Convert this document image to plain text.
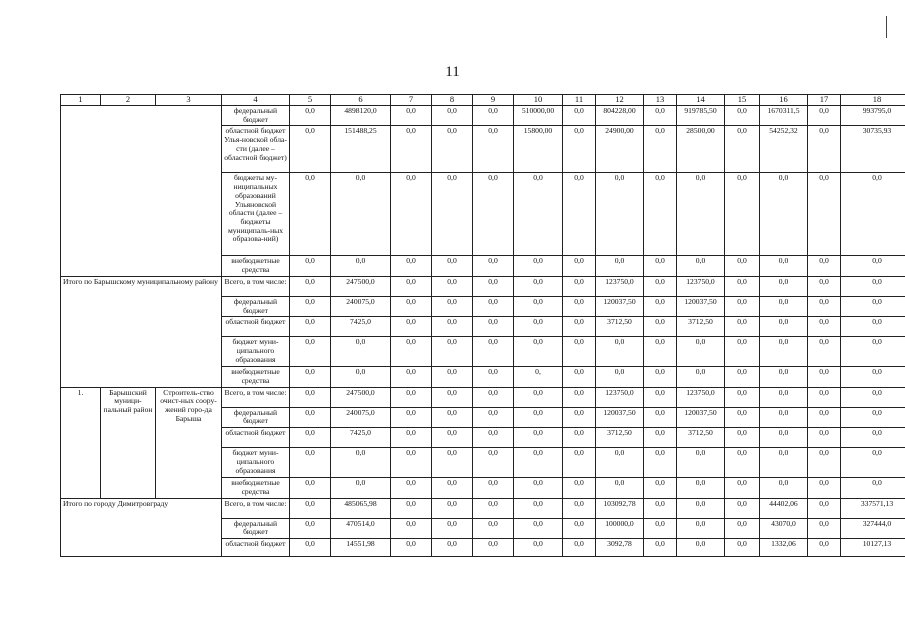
11
1	2	3	4	5	6	7	8	9	10	11	12	13	14	15	16	17	18
			федеральный бюджет	0,0	4898120,0	0,0	0,0	0,0	510000,00	0,0	804228,00	0,0	919785,50	0,0	1670311,5	0,0	993795,0
			областной бюджет Улья-новской обла-сти (далее – областной бюджет)	0,0	151488,25	0,0	0,0	0,0	15800,00	0,0	24900,00	0,0	28500,00	0,0	54252,32	0,0	30735,93
			бюджеты му-ниципальных образований Ульяновской области (далее – бюджеты муниципаль-ных образова-ний)	0,0	0,0	0,0	0,0	0,0	0,0	0,0	0,0	0,0	0,0	0,0	0,0	0,0	0,0
			внебюджетные средства	0,0	0,0	0,0	0,0	0,0	0,0	0,0	0,0	0,0	0,0	0,0	0,0	0,0	0,0
Итого по Барышскому муниципальному району			Всего, в том числе:	0,0	247500,0	0,0	0,0	0,0	0,0	0,0	123750,0	0,0	123750,0	0,0	0,0	0,0	0,0
			федеральный бюджет	0,0	240075,0	0,0	0,0	0,0	0,0	0,0	120037,50	0,0	120037,50	0,0	0,0	0,0	0,0
			областной бюджет	0,0	7425,0	0,0	0,0	0,0	0,0	0,0	3712,50	0,0	3712,50	0,0	0,0	0,0	0,0
			бюджет муни-ципального образования	0,0	0,0	0,0	0,0	0,0	0,0	0,0	0,0	0,0	0,0	0,0	0,0	0,0	0,0
			внебюджетные средства	0,0	0,0	0,0	0,0	0,0	0,	0,0	0,0	0,0	0,0	0,0	0,0	0,0	0,0
1.	Барышский муници-пальный район	Строитель-ство очист-ных соору-жений горо-да Барыша	Всего, в том числе:	0,0	247500,0	0,0	0,0	0,0	0,0	0,0	123750,0	0,0	123750,0	0,0	0,0	0,0	0,0
			федеральный бюджет	0,0	240075,0	0,0	0,0	0,0	0,0	0,0	120037,50	0,0	120037,50	0,0	0,0	0,0	0,0
			областной бюджет	0,0	7425,0	0,0	0,0	0,0	0,0	0,0	3712,50	0,0	3712,50	0,0	0,0	0,0	0,0
			бюджет муни-ципального образования	0,0	0,0	0,0	0,0	0,0	0,0	0,0	0,0	0,0	0,0	0,0	0,0	0,0	0,0
			внебюджетные средства	0,0	0,0	0,0	0,0	0,0	0,0	0,0	0,0	0,0	0,0	0,0	0,0	0,0	0,0
Итого по городу Димитровграду			Всего, в том числе:	0,0	485065,98	0,0	0,0	0,0	0,0	0,0	103092,78	0,0	0,0	0,0	44402,06	0,0	337571,13
			федеральный бюджет	0,0	470514,0	0,0	0,0	0,0	0,0	0,0	100000,0	0,0	0,0	0,0	43070,0	0,0	327444,0
			областной бюджет	0,0	14551,98	0,0	0,0	0,0	0,0	0,0	3092,78	0,0	0,0	0,0	1332,06	0,0	10127,13
